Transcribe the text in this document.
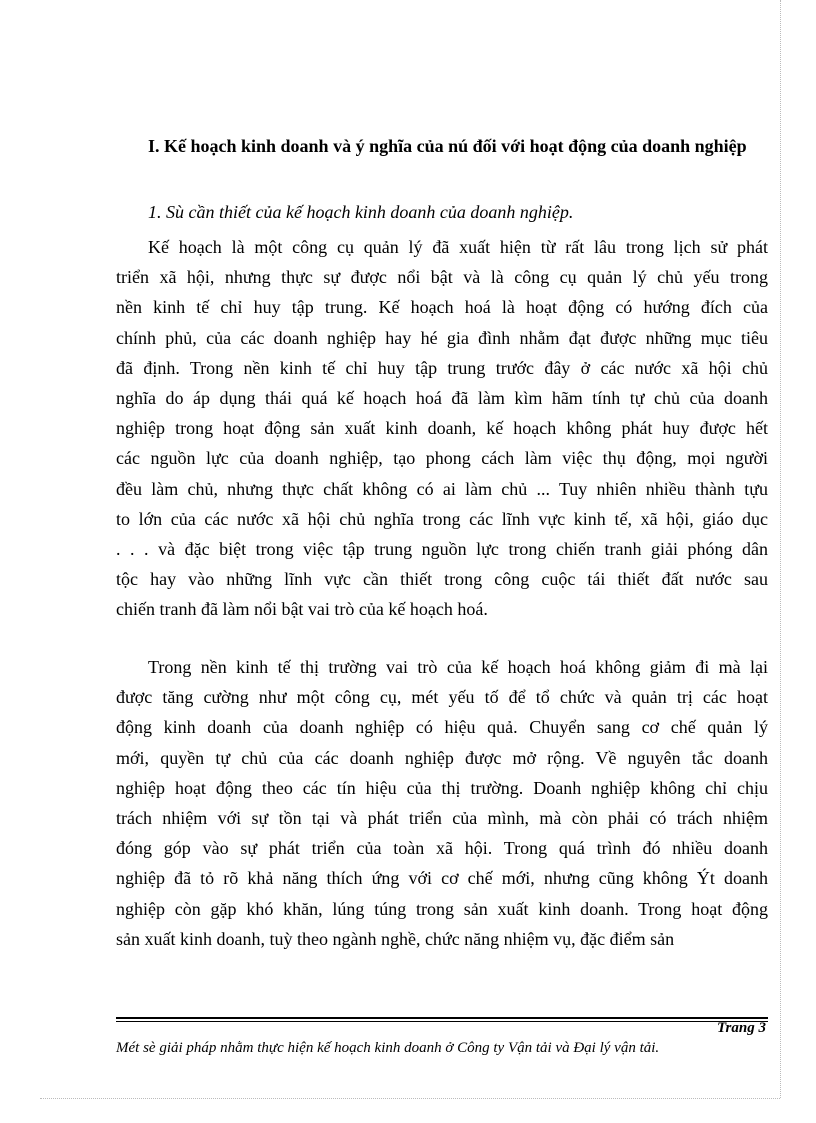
I. Kế hoạch kinh doanh và ý nghĩa của nú đối với hoạt động của doanh nghiệp

1. Sù cần thiết của kế hoạch kinh doanh của doanh nghiệp.

Kế hoạch là một công cụ quản lý đã xuất hiện từ rất lâu trong lịch sử phát
triển xã hội, nhưng thực sự được nổi bật và là công cụ quản lý chủ yếu trong
nền kinh tế chỉ huy tập trung. Kế hoạch hoá là hoạt động có hướng đích của
chính phủ, của các doanh nghiệp hay hé gia đình nhằm đạt được những mục tiêu
đã định. Trong nền kinh tế chỉ huy tập trung trước đây ở các nước xã hội chủ
nghĩa do áp dụng thái quá kế hoạch hoá đã làm kìm hãm tính tự chủ của doanh
nghiệp trong hoạt động sản xuất kinh doanh, kế hoạch không phát huy được hết
các nguồn lực của doanh nghiệp, tạo phong cách làm việc thụ động, mọi người
đều làm chủ, nhưng thực chất không có ai làm chủ ... Tuy nhiên nhiều thành tựu
to lớn của các nước xã hội chủ nghĩa trong các lĩnh vực kinh tế, xã hội, giáo dục
. . . và đặc biệt trong việc tập trung nguồn lực trong chiến tranh giải phóng dân
tộc hay vào những lĩnh vực cần thiết trong công cuộc tái thiết đất nước sau
chiến tranh đã làm nổi bật vai trò của kế hoạch hoá.
Trong nền kinh tế thị trường vai trò của kế hoạch hoá không giảm đi mà lại
được tăng cường như một công cụ, mét yếu tố để tổ chức và quản trị các hoạt
động kinh doanh của doanh nghiệp có hiệu quả. Chuyển sang cơ chế quản lý
mới, quyền tự chủ của các doanh nghiệp được mở rộng. Về nguyên tắc doanh
nghiệp hoạt động theo các tín hiệu của thị trường. Doanh nghiệp không chỉ chịu
trách nhiệm với sự tồn tại và phát triển của mình, mà còn phải có trách nhiệm
đóng góp vào sự phát triển của toàn xã hội. Trong quá trình đó nhiều doanh
nghiệp đã tỏ rõ khả năng thích ứng với cơ chế mới, nhưng cũng không Ýt doanh
nghiệp còn gặp khó khăn, lúng túng trong sản xuất kinh doanh. Trong hoạt động
sản xuất kinh doanh, tuỳ theo ngành nghề, chức năng nhiệm vụ, đặc điểm sản
Trang 3
Mét sè giải pháp nhằm thực hiện kế hoạch kinh doanh ở Công ty Vận tải và Đại lý vận tải.
